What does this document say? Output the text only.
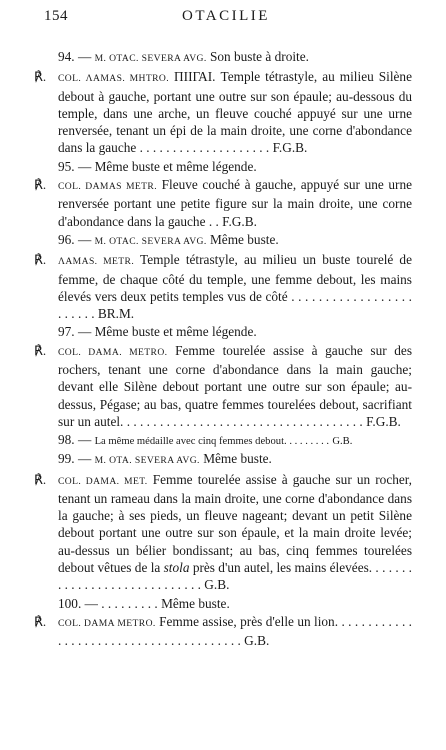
154	OTACILIE

94. — M. OTAC. SEVERA AVG. Son buste à droite.

℟. COL. ΛAMAS. MHTRO. ΠΙΙΓΑΙ. Temple tétrastyle, au milieu Silène debout à gauche, portant une outre sur son épaule; au-dessous du temple, dans une arche, un fleuve couché appuyé sur une urne renversée, tenant un épi de la main droite, une corne d'abondance dans la gauche . . . . . . . . . . . . . . . . . . . . F.G.B.

95. — Même buste et même légende.

℟. COL. DAMAS METR. Fleuve couché à gauche, appuyé sur une urne renversée portant une petite figure sur la main droite, une corne d'abondance dans la gauche . . F.G.B.

96. — M. OTAC. SEVERA AVG. Même buste.

℟. ΛAMAS. METR. Temple tétrastyle, au milieu un buste tourelé de femme, de chaque côté du temple, une femme debout, les mains élevés vers deux petits temples vus de côté . . . . . . . . . . . . . . . . . . . . . . . . BR.M.

97. — Même buste et même légende.

℟. COL. DAMA. METRO. Femme tourelée assise à gauche sur des rochers, tenant une corne d'abondance dans la main gauche; devant elle Silène debout portant une outre sur son épaule; au-dessus, Pégase; au bas, quatre femmes tourelées debout, sacrifiant sur un autel. . . . . . . . . . . . . . . . . . . . . . . . . . . . . . . . . . . . . F.G.B.

98. — La même médaille avec cinq femmes debout. . . . . . . . . G.B.

99. — M. OTA. SEVERA AVG. Même buste.

℟. COL. DAMA. MET. Femme tourelée assise à gauche sur un rocher, tenant un rameau dans la main droite, une corne d'abondance dans la gauche; à ses pieds, un fleuve nageant; devant un petit Silène debout portant une outre sur son épaule, et la main droite levée; au-dessus un bélier bondissant; au bas, cinq femmes tourelées debout vêtues de la stola près d'un autel, les mains élevées. . . . . . . . . . . . . . . . . . . . . . . . . . . . . G.B.

100. — . . . . . . . . . Même buste.

℟. COL. DAMA METRO. Femme assise, près d'elle un lion. . . . . . . . . . . . . . . . . . . . . . . . . . . . . . . . . . . . . . . . G.B.
